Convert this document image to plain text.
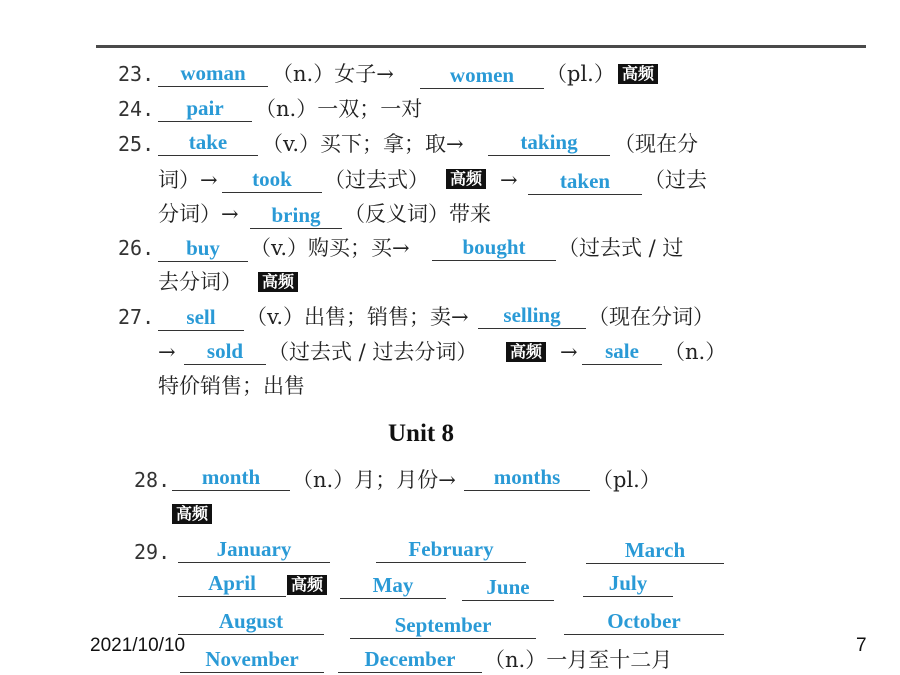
23.	woman	（n.）女子→	women	（pl.） 高频
24.	pair	（n.）一双；一对
25.	take	（v.）买下；拿；取→	taking	（现在分
词）→	took	（过去式） 高频 →	taken	（过去
分词）→	bring	（反义词）带来
26.	buy	（v.）购买；买→	bought	（过去式 / 过
去分词） 高频
27.	sell	（v.）出售；销售；卖→	selling	（现在分词）
→	sold	（过去式 / 过去分词） 高频 →	sale	（n.）
特价销售；出售
Unit 8
28.	month	（n.）月；月份→	months	（pl.）
高频
29.	January	February	March
April	高频	May	June	July
August	September	October
November	December	（n.）一月至十二月
2021/10/10	7
